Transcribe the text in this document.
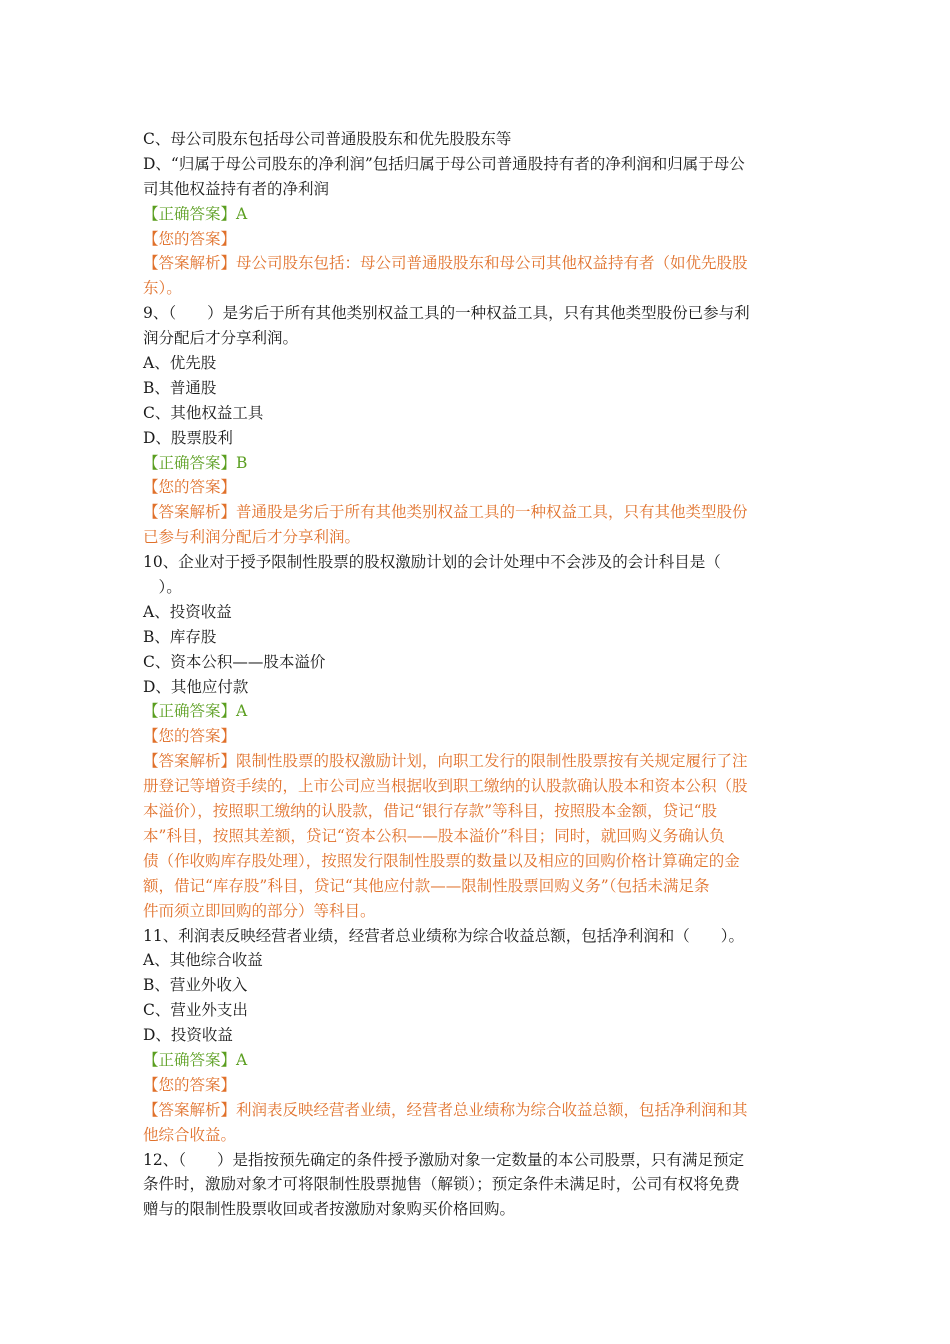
C、母公司股东包括母公司普通股股东和优先股股东等
D、“归属于母公司股东的净利润”包括归属于母公司普通股持有者的净利润和归属于母公
司其他权益持有者的净利润
【正确答案】A
【您的答案】
【答案解析】母公司股东包括：母公司普通股股东和母公司其他权益持有者（如优先股股
东）。
9、（　　）是劣后于所有其他类别权益工具的一种权益工具，只有其他类型股份已参与利
润分配后才分享利润。
A、优先股
B、普通股
C、其他权益工具
D、股票股利
【正确答案】B
【您的答案】
【答案解析】普通股是劣后于所有其他类别权益工具的一种权益工具，只有其他类型股份
已参与利润分配后才分享利润。
10、企业对于授予限制性股票的股权激励计划的会计处理中不会涉及的会计科目是（
　）。
A、投资收益
B、库存股
C、资本公积——股本溢价
D、其他应付款
【正确答案】A
【您的答案】
【答案解析】限制性股票的股权激励计划，向职工发行的限制性股票按有关规定履行了注
册登记等增资手续的，上市公司应当根据收到职工缴纳的认股款确认股本和资本公积（股
本溢价），按照职工缴纳的认股款，借记“银行存款”等科目，按照股本金额，贷记“股
本”科目，按照其差额，贷记“资本公积——股本溢价”科目；同时，就回购义务确认负
债（作收购库存股处理），按照发行限制性股票的数量以及相应的回购价格计算确定的金
额，借记“库存股”科目，贷记“其他应付款——限制性股票回购义务”（包括未满足条
件而须立即回购的部分）等科目。
11、利润表反映经营者业绩，经营者总业绩称为综合收益总额，包括净利润和（　　）。
A、其他综合收益
B、营业外收入
C、营业外支出
D、投资收益
【正确答案】A
【您的答案】
【答案解析】利润表反映经营者业绩，经营者总业绩称为综合收益总额，包括净利润和其
他综合收益。
12、（　　）是指按预先确定的条件授予激励对象一定数量的本公司股票，只有满足预定
条件时，激励对象才可将限制性股票抛售（解锁）；预定条件未满足时，公司有权将免费
赠与的限制性股票收回或者按激励对象购买价格回购。
